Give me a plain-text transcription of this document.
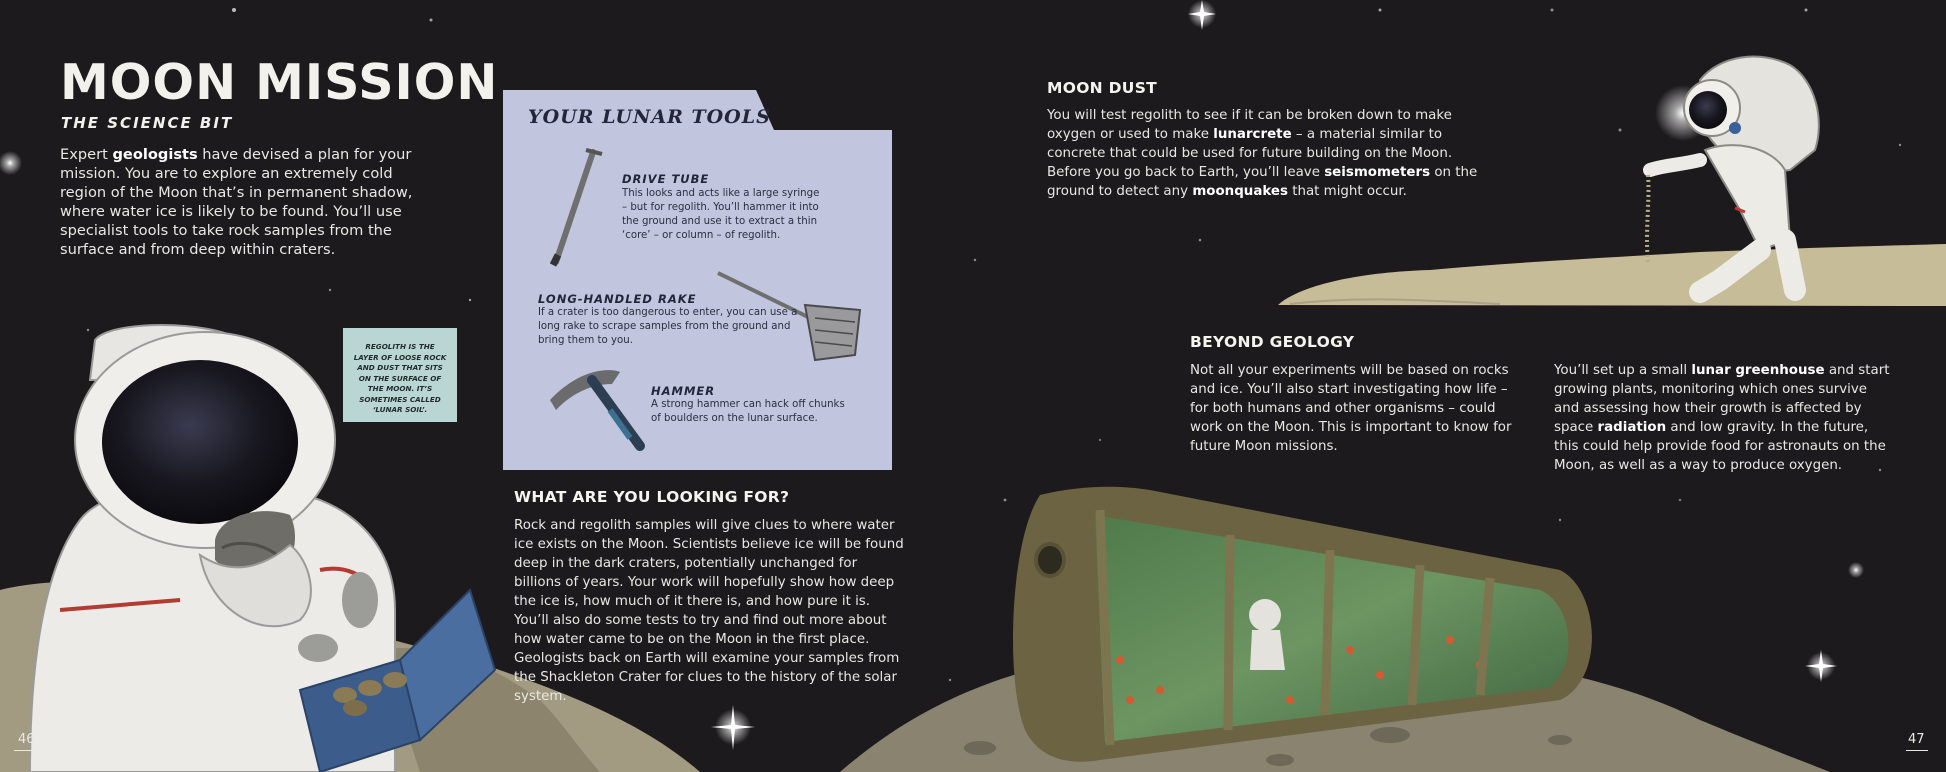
MOON MISSION
THE SCIENCE BIT
Expert geologists have devised a plan for your mission. You are to explore an extremely cold region of the Moon that’s in permanent shadow, where water ice is likely to be found. You’ll use specialist tools to take rock samples from the surface and from deep within craters.
REGOLITH IS THE LAYER OF LOOSE ROCK AND DUST THAT SITS ON THE SURFACE OF THE MOON. IT’S SOMETIMES CALLED ‘LUNAR SOIL’.
YOUR LUNAR TOOLS
DRIVE TUBE
This looks and acts like a large syringe – but for regolith. You’ll hammer it into the ground and use it to extract a thin ‘core’ – or column – of regolith.
LONG-HANDLED RAKE
If a crater is too dangerous to enter, you can use a long rake to scrape samples from the ground and bring them to you.
HAMMER
A strong hammer can hack off chunks of boulders on the lunar surface.
WHAT ARE YOU LOOKING FOR?
Rock and regolith samples will give clues to where water ice exists on the Moon. Scientists believe ice will be found deep in the dark craters, potentially unchanged for billions of years. Your work will hopefully show how deep the ice is, how much of it there is, and how pure it is. You’ll also do some tests to try and find out more about how water came to be on the Moon in the first place. Geologists back on Earth will examine your samples from the Shackleton Crater for clues to the history of the solar system.
MOON DUST
You will test regolith to see if it can be broken down to make oxygen or used to make lunarcrete – a material similar to concrete that could be used for future building on the Moon. Before you go back to Earth, you’ll leave seismometers on the ground to detect any moonquakes that might occur.
BEYOND GEOLOGY
Not all your experiments will be based on rocks and ice. You’ll also start investigating how life – for both humans and other organisms – could work on the Moon. This is important to know for future Moon missions.
You’ll set up a small lunar greenhouse and start growing plants, monitoring which ones survive and assessing how their growth is affected by space radiation and low gravity. In the future, this could help provide food for astronauts on the Moon, as well as a way to produce oxygen.
46	47
